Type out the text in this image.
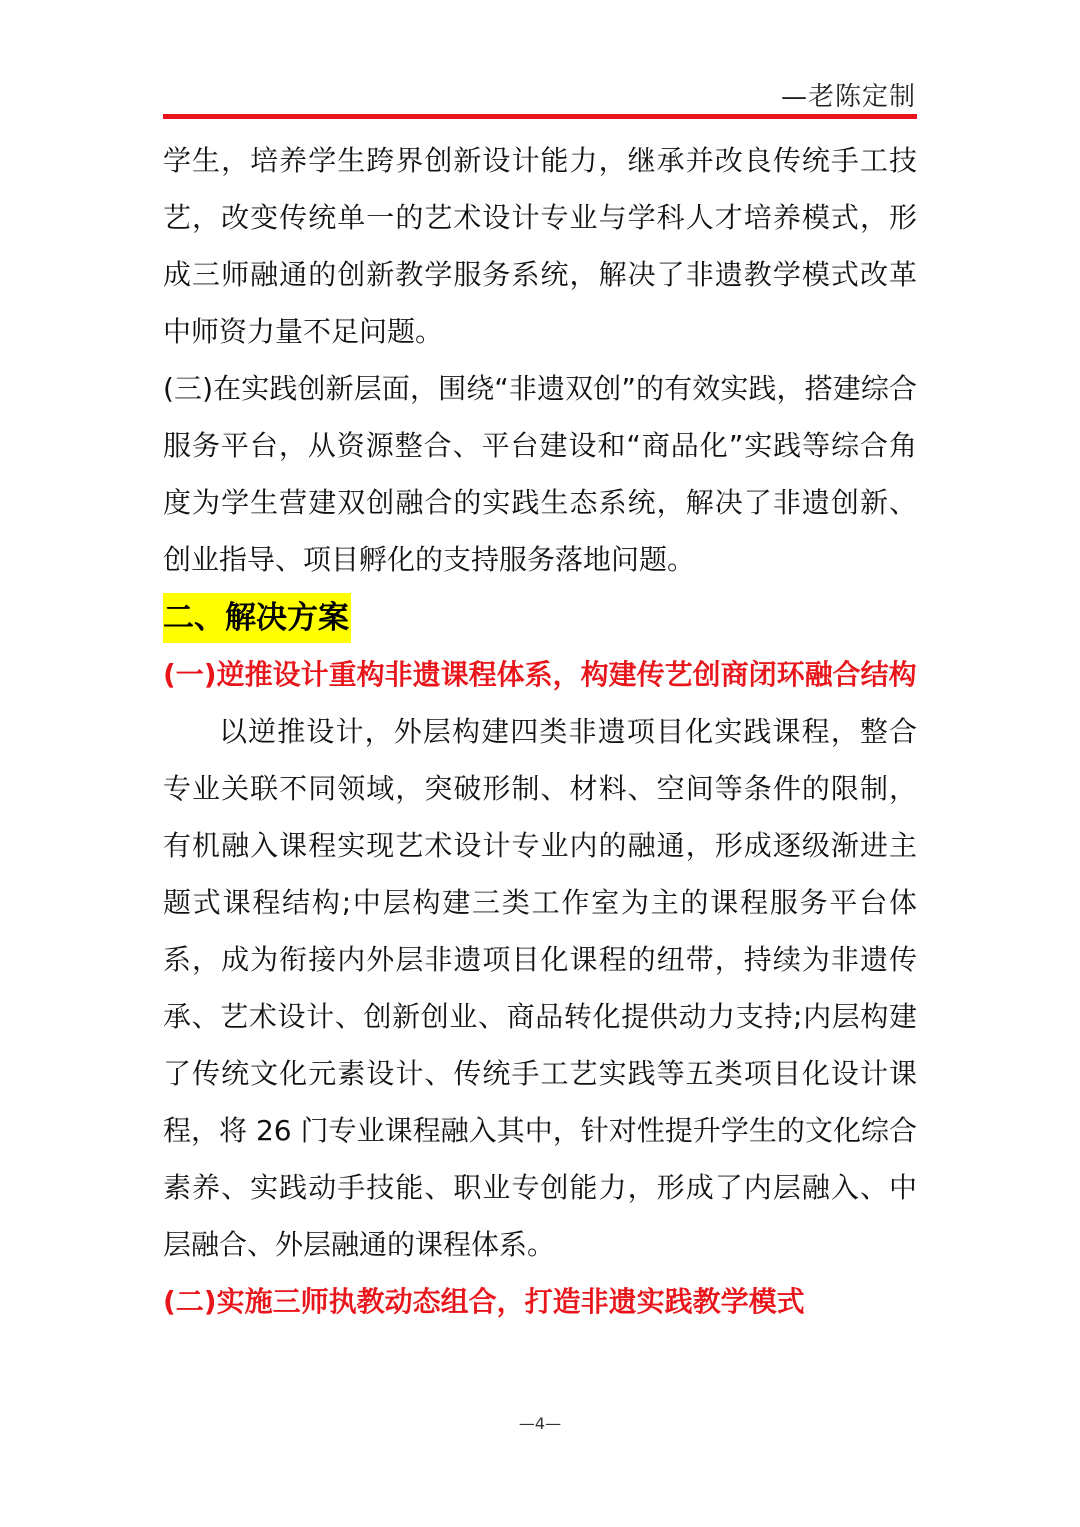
—老陈定制

学生，培养学生跨界创新设计能力，继承并改良传统手工技艺，改变传统单一的艺术设计专业与学科人才培养模式，形成三师融通的创新教学服务系统，解决了非遗教学模式改革中师资力量不足问题。

(三)在实践创新层面，围绕“非遗双创”的有效实践，搭建综合服务平台，从资源整合、平台建设和“商品化”实践等综合角度为学生营建双创融合的实践生态系统，解决了非遗创新、创业指导、项目孵化的支持服务落地问题。

二、解决方案

(一)逆推设计重构非遗课程体系，构建传艺创商闭环融合结构

以逆推设计，外层构建四类非遗项目化实践课程，整合专业关联不同领域，突破形制、材料、空间等条件的限制，有机融入课程实现艺术设计专业内的融通，形成逐级渐进主题式课程结构;中层构建三类工作室为主的课程服务平台体系，成为衔接内外层非遗项目化课程的纽带，持续为非遗传承、艺术设计、创新创业、商品转化提供动力支持;内层构建了传统文化元素设计、传统手工艺实践等五类项目化设计课程，将 26 门专业课程融入其中，针对性提升学生的文化综合素养、实践动手技能、职业专创能力，形成了内层融入、中层融合、外层融通的课程体系。

(二)实施三师执教动态组合，打造非遗实践教学模式

—4—
